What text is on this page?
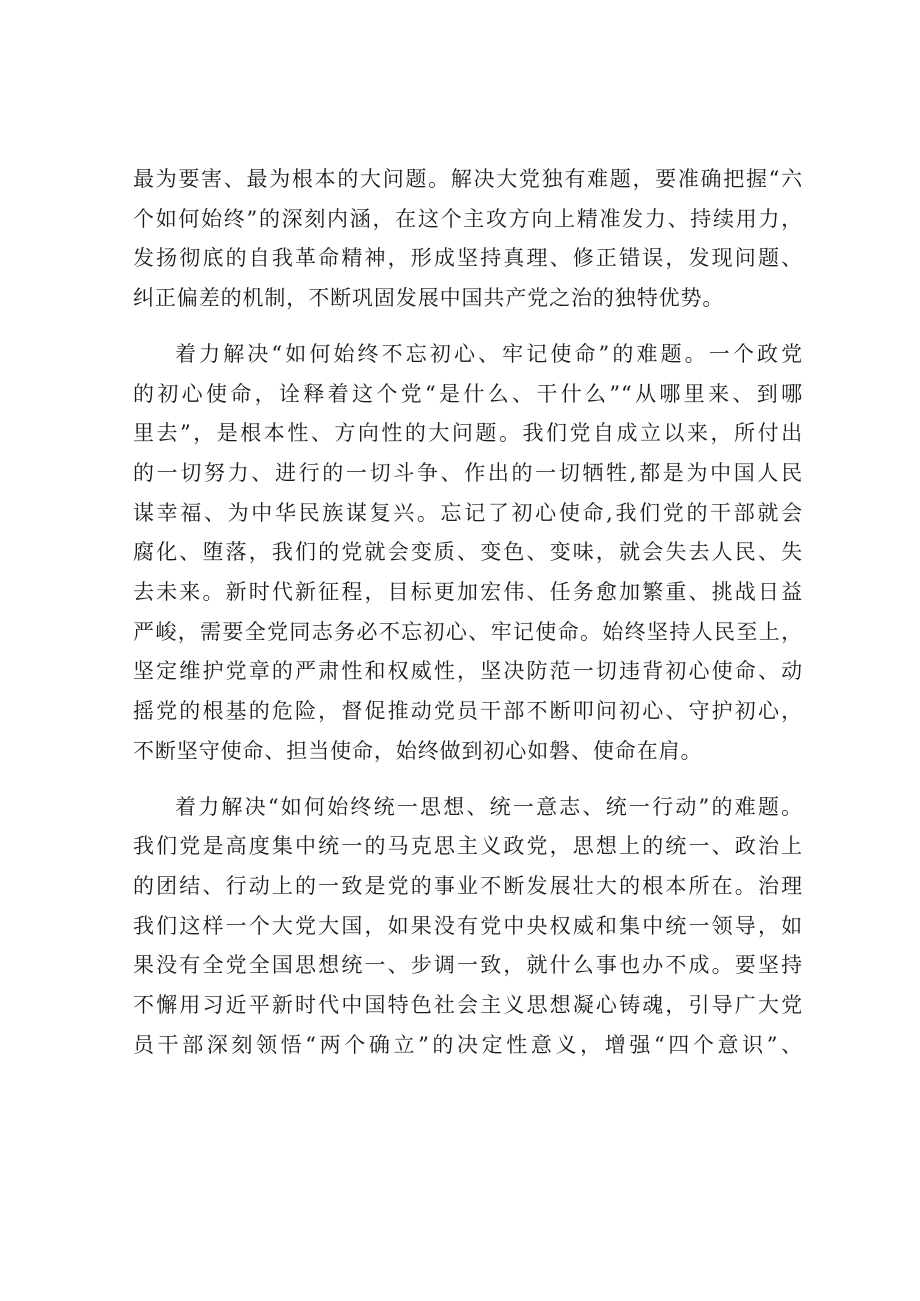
最为要害、最为根本的大问题。解决大党独有难题，要准确把握“六
个如何始终”的深刻内涵，在这个主攻方向上精准发力、持续用力，
发扬彻底的自我革命精神，形成坚持真理、修正错误，发现问题、
纠正偏差的机制，不断巩固发展中国共产党之治的独特优势。
着力解决“如何始终不忘初心、牢记使命”的难题。一个政党
的初心使命，诠释着这个党“是什么、干什么”“从哪里来、到哪
里去”，是根本性、方向性的大问题。我们党自成立以来，所付出
的一切努力、进行的一切斗争、作出的一切牺牲,都是为中国人民
谋幸福、为中华民族谋复兴。忘记了初心使命,我们党的干部就会
腐化、堕落，我们的党就会变质、变色、变味，就会失去人民、失
去未来。新时代新征程，目标更加宏伟、任务愈加繁重、挑战日益
严峻，需要全党同志务必不忘初心、牢记使命。始终坚持人民至上，
坚定维护党章的严肃性和权威性，坚决防范一切违背初心使命、动
摇党的根基的危险，督促推动党员干部不断叩问初心、守护初心，
不断坚守使命、担当使命，始终做到初心如磐、使命在肩。
着力解决“如何始终统一思想、统一意志、统一行动”的难题。
我们党是高度集中统一的马克思主义政党，思想上的统一、政治上
的团结、行动上的一致是党的事业不断发展壮大的根本所在。治理
我们这样一个大党大国，如果没有党中央权威和集中统一领导，如
果没有全党全国思想统一、步调一致，就什么事也办不成。要坚持
不懈用习近平新时代中国特色社会主义思想凝心铸魂，引导广大党
员干部深刻领悟“两个确立”的决定性意义，增强“四个意识”、
